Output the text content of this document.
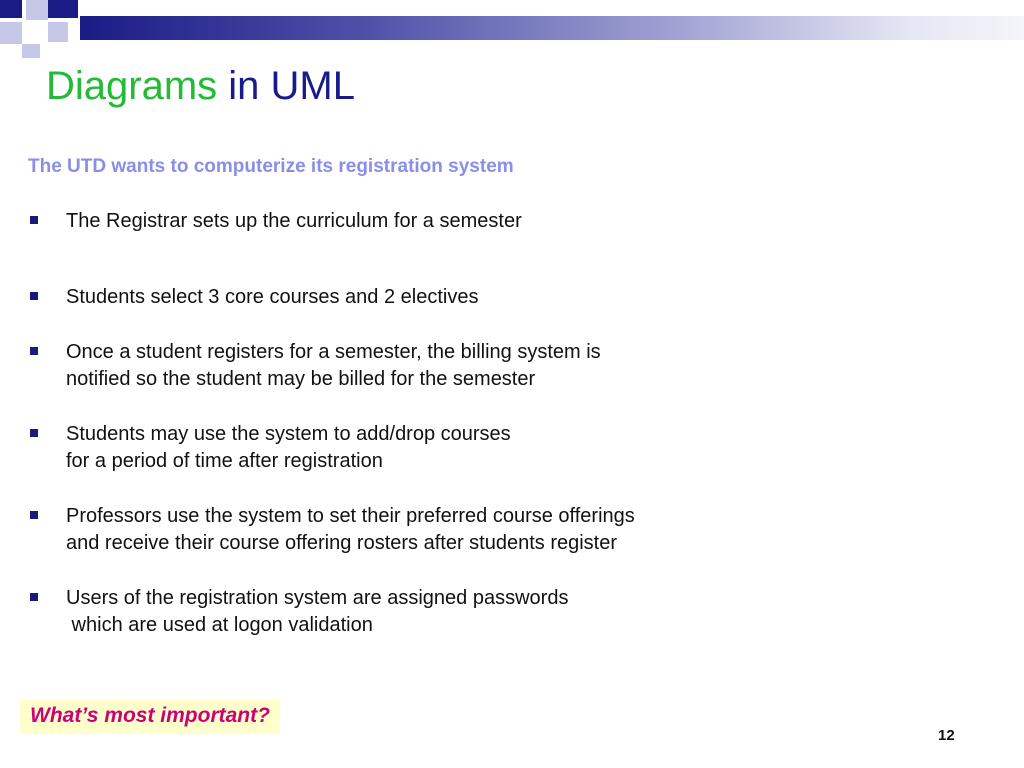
Diagrams in UML
The UTD wants to computerize its registration system
The Registrar sets up the curriculum for a semester
Students select 3 core courses and 2 electives
Once a student registers for a semester, the billing system is
notified so the student may be billed for the semester
Students may use the system to add/drop courses
for a period of time after registration
Professors use the system to set their preferred course offerings
and receive their course offering rosters after students register
Users of the registration system are assigned passwords
which are used at logon validation
What’s most important?
12
